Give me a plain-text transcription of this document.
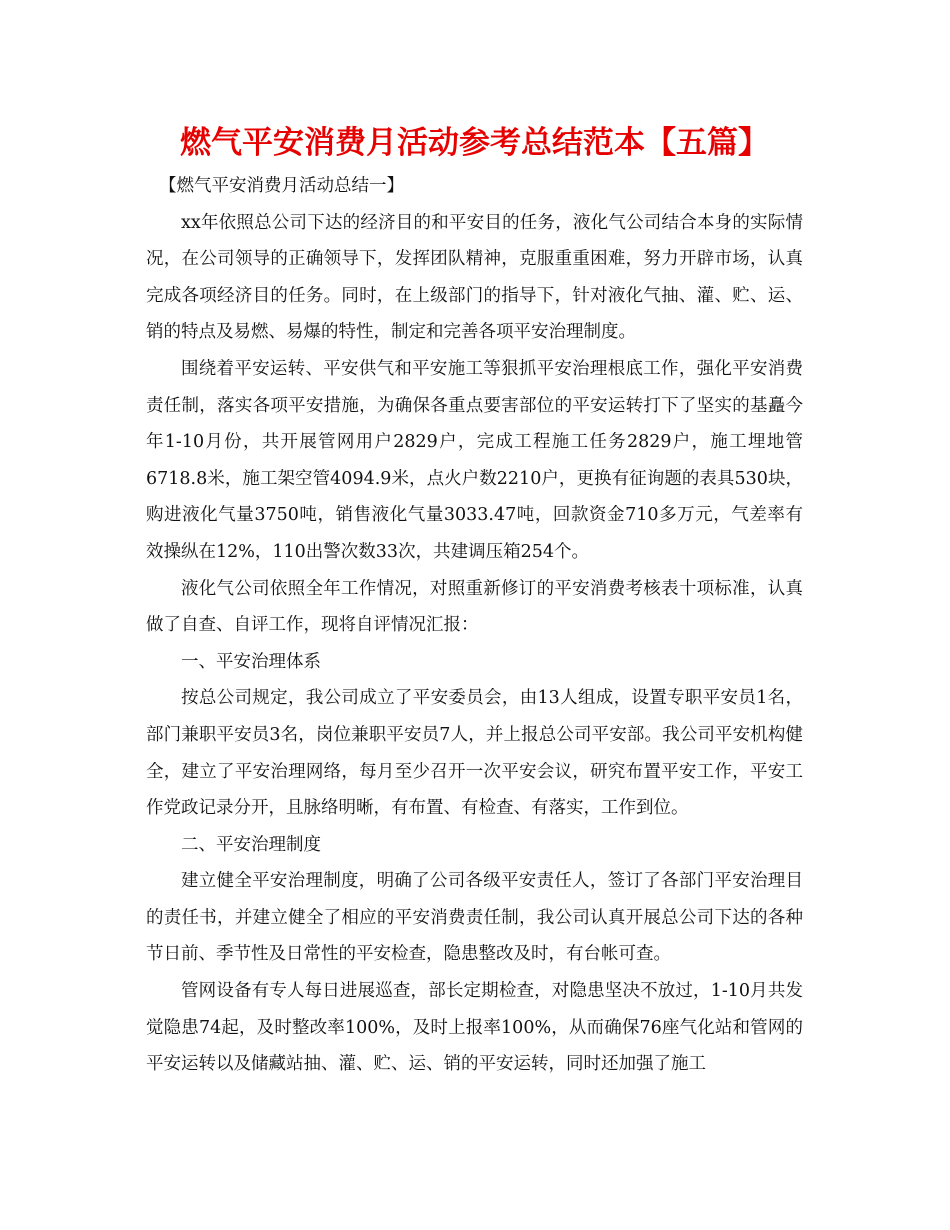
燃气平安消费月活动参考总结范本【五篇】

【燃气平安消费月活动总结一】

xx年依照总公司下达的经济目的和平安目的任务，液化气公司结合本身的实际情况，在公司领导的正确领导下，发挥团队精神，克服重重困难，努力开辟市场，认真完成各项经济目的任务。同时，在上级部门的指导下，针对液化气抽、灌、贮、运、销的特点及易燃、易爆的特性，制定和完善各项平安治理制度。

围绕着平安运转、平安供气和平安施工等狠抓平安治理根底工作，强化平安消费责任制，落实各项平安措施，为确保各重点要害部位的平安运转打下了坚实的基矗今年1-10月份，共开展管网用户2829户，完成工程施工任务2829户，施工埋地管6718.8米，施工架空管4094.9米，点火户数2210户，更换有征询题的表具530块，购进液化气量3750吨，销售液化气量3033.47吨，回款资金710多万元，气差率有效操纵在12%，110出警次数33次，共建调压箱254个。

液化气公司依照全年工作情况，对照重新修订的平安消费考核表十项标准，认真做了自查、自评工作，现将自评情况汇报：

一、平安治理体系

按总公司规定，我公司成立了平安委员会，由13人组成，设置专职平安员1名，部门兼职平安员3名，岗位兼职平安员7人，并上报总公司平安部。我公司平安机构健全，建立了平安治理网络，每月至少召开一次平安会议，研究布置平安工作，平安工作党政记录分开，且脉络明晰，有布置、有检查、有落实，工作到位。

二、平安治理制度

建立健全平安治理制度，明确了公司各级平安责任人，签订了各部门平安治理目的责任书，并建立健全了相应的平安消费责任制，我公司认真开展总公司下达的各种节日前、季节性及日常性的平安检查，隐患整改及时，有台帐可查。

管网设备有专人每日进展巡查，部长定期检查，对隐患坚决不放过，1-10月共发觉隐患74起，及时整改率100%，及时上报率100%，从而确保76座气化站和管网的平安运转以及储藏站抽、灌、贮、运、销的平安运转，同时还加强了施工
